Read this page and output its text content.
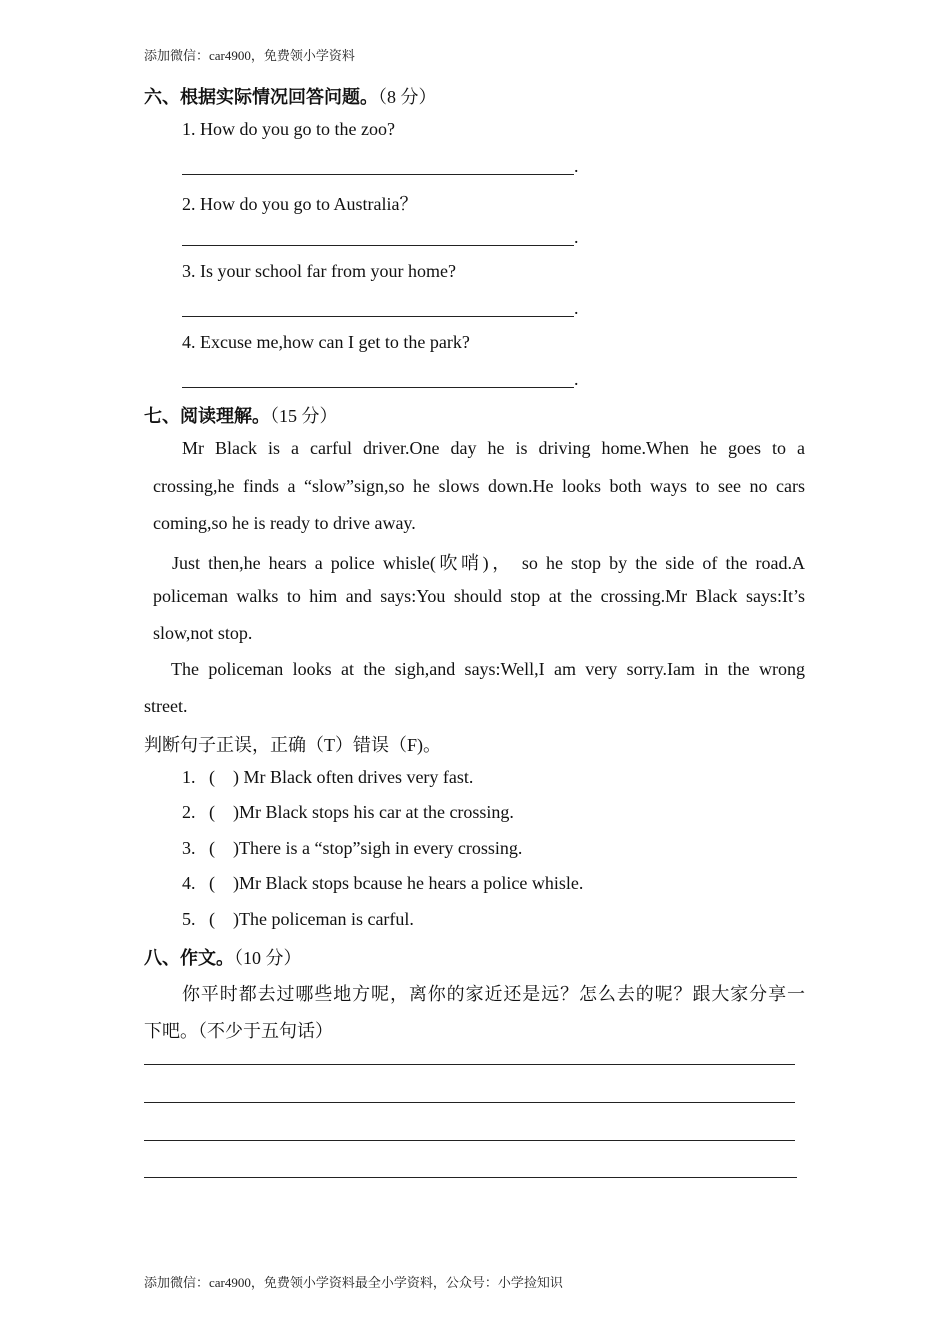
添加微信：car4900，免费领小学资料
六、根据实际情况回答问题。（8 分）
1. How do you go to the zoo?
.
2. How do you go to Australia？
.
3. Is your school far from your home?
.
4. Excuse me,how can I get to the park?
.
七、阅读理解。（15 分）
Mr Black is a carful driver.One day he is driving home.When he goes to a
crossing,he finds a “slow”sign,so he slows down.He looks both ways to see no cars
coming,so he is ready to drive away.
Just then,he hears a police whisle(吹哨)， so he stop by the side of the road.A
policeman walks to him and says:You should stop at the crossing.Mr Black says:It’s
slow,not stop.
The policeman looks at the sigh,and says:Well,I am very sorry.Iam in the wrong
street.
判断句子正误，正确（T）错误（F)。
1.   (    ) Mr Black often drives very fast.
2.   (    )Mr Black stops his car at the crossing.
3.   (    )There is a “stop”sigh in every crossing.
4.   (    )Mr Black stops bcause he hears a police whisle.
5.   (    )The policeman is carful.
八、作文。（10 分）
你平时都去过哪些地方呢，离你的家近还是远？怎么去的呢？跟大家分享一
下吧。（不少于五句话）
添加微信：car4900，免费领小学资料最全小学资料，公众号：小学捡知识
